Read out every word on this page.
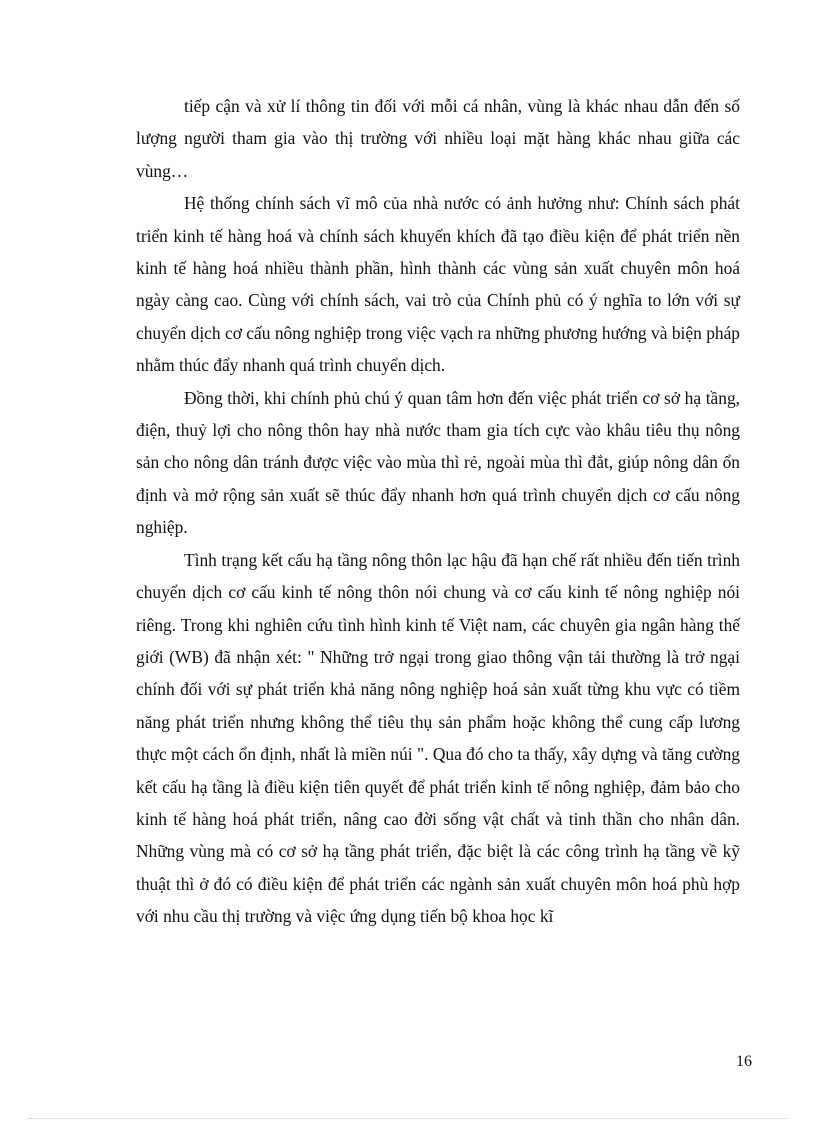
tiếp cận và xử lí thông tin đối với mỗi cá nhân, vùng là khác nhau dẫn đến số lượng người tham gia vào thị trường với nhiều loại mặt hàng khác nhau giữa các vùng…

Hệ thống chính sách vĩ mô của nhà nước có ảnh hưởng như: Chính sách phát triển kinh tế hàng hoá và chính sách khuyến khích đã tạo điều kiện để phát triển nền kinh tế hàng hoá nhiều thành phần, hình thành các vùng sản xuất chuyên môn hoá ngày càng cao. Cùng với chính sách, vai trò của Chính phủ có ý nghĩa to lớn với sự chuyển dịch cơ cấu nông nghiệp trong việc vạch ra những phương hướng và biện pháp nhằm thúc đẩy nhanh quá trình chuyển dịch.

Đồng thời, khi chính phủ chú ý quan tâm hơn đến việc phát triển cơ sở hạ tầng, điện, thuỷ lợi cho nông thôn hay nhà nước tham gia tích cực vào khâu tiêu thụ nông sản cho nông dân tránh được việc vào mùa thì rẻ, ngoài mùa thì đắt, giúp nông dân ổn định và mở rộng sản xuất sẽ thúc đẩy nhanh hơn quá trình chuyển dịch cơ cấu nông nghiệp.

Tình trạng kết cấu hạ tầng nông thôn lạc hậu đã hạn chế rất nhiều đến tiến trình chuyển dịch cơ cấu kinh tế nông thôn nói chung và cơ cấu kinh tế nông nghiệp nói riêng. Trong khi nghiên cứu tình hình kinh tế Việt nam, các chuyên gia ngân hàng thế giới (WB) đã nhận xét: " Những trở ngại trong giao thông vận tải thường là trở ngại chính đối với sự phát triển khả năng nông nghiệp hoá sản xuất từng khu vực có tiềm năng phát triển nhưng không thể tiêu thụ sản phẩm hoặc không thể cung cấp lương thực một cách ổn định, nhất là miền núi ". Qua đó cho ta thấy, xây dựng và tăng cường kết cấu hạ tầng là điều kiện tiên quyết để phát triển kinh tế nông nghiệp, đảm bảo cho kinh tế hàng hoá phát triển, nâng cao đời sống vật chất và tinh thần cho nhân dân. Những vùng mà có cơ sở hạ tầng phát triển, đặc biệt là các công trình hạ tầng về kỹ thuật thì ở đó có điều kiện để phát triển các ngành sản xuất chuyên môn hoá phù hợp với nhu cầu thị trường và việc ứng dụng tiến bộ khoa học kĩ

16
